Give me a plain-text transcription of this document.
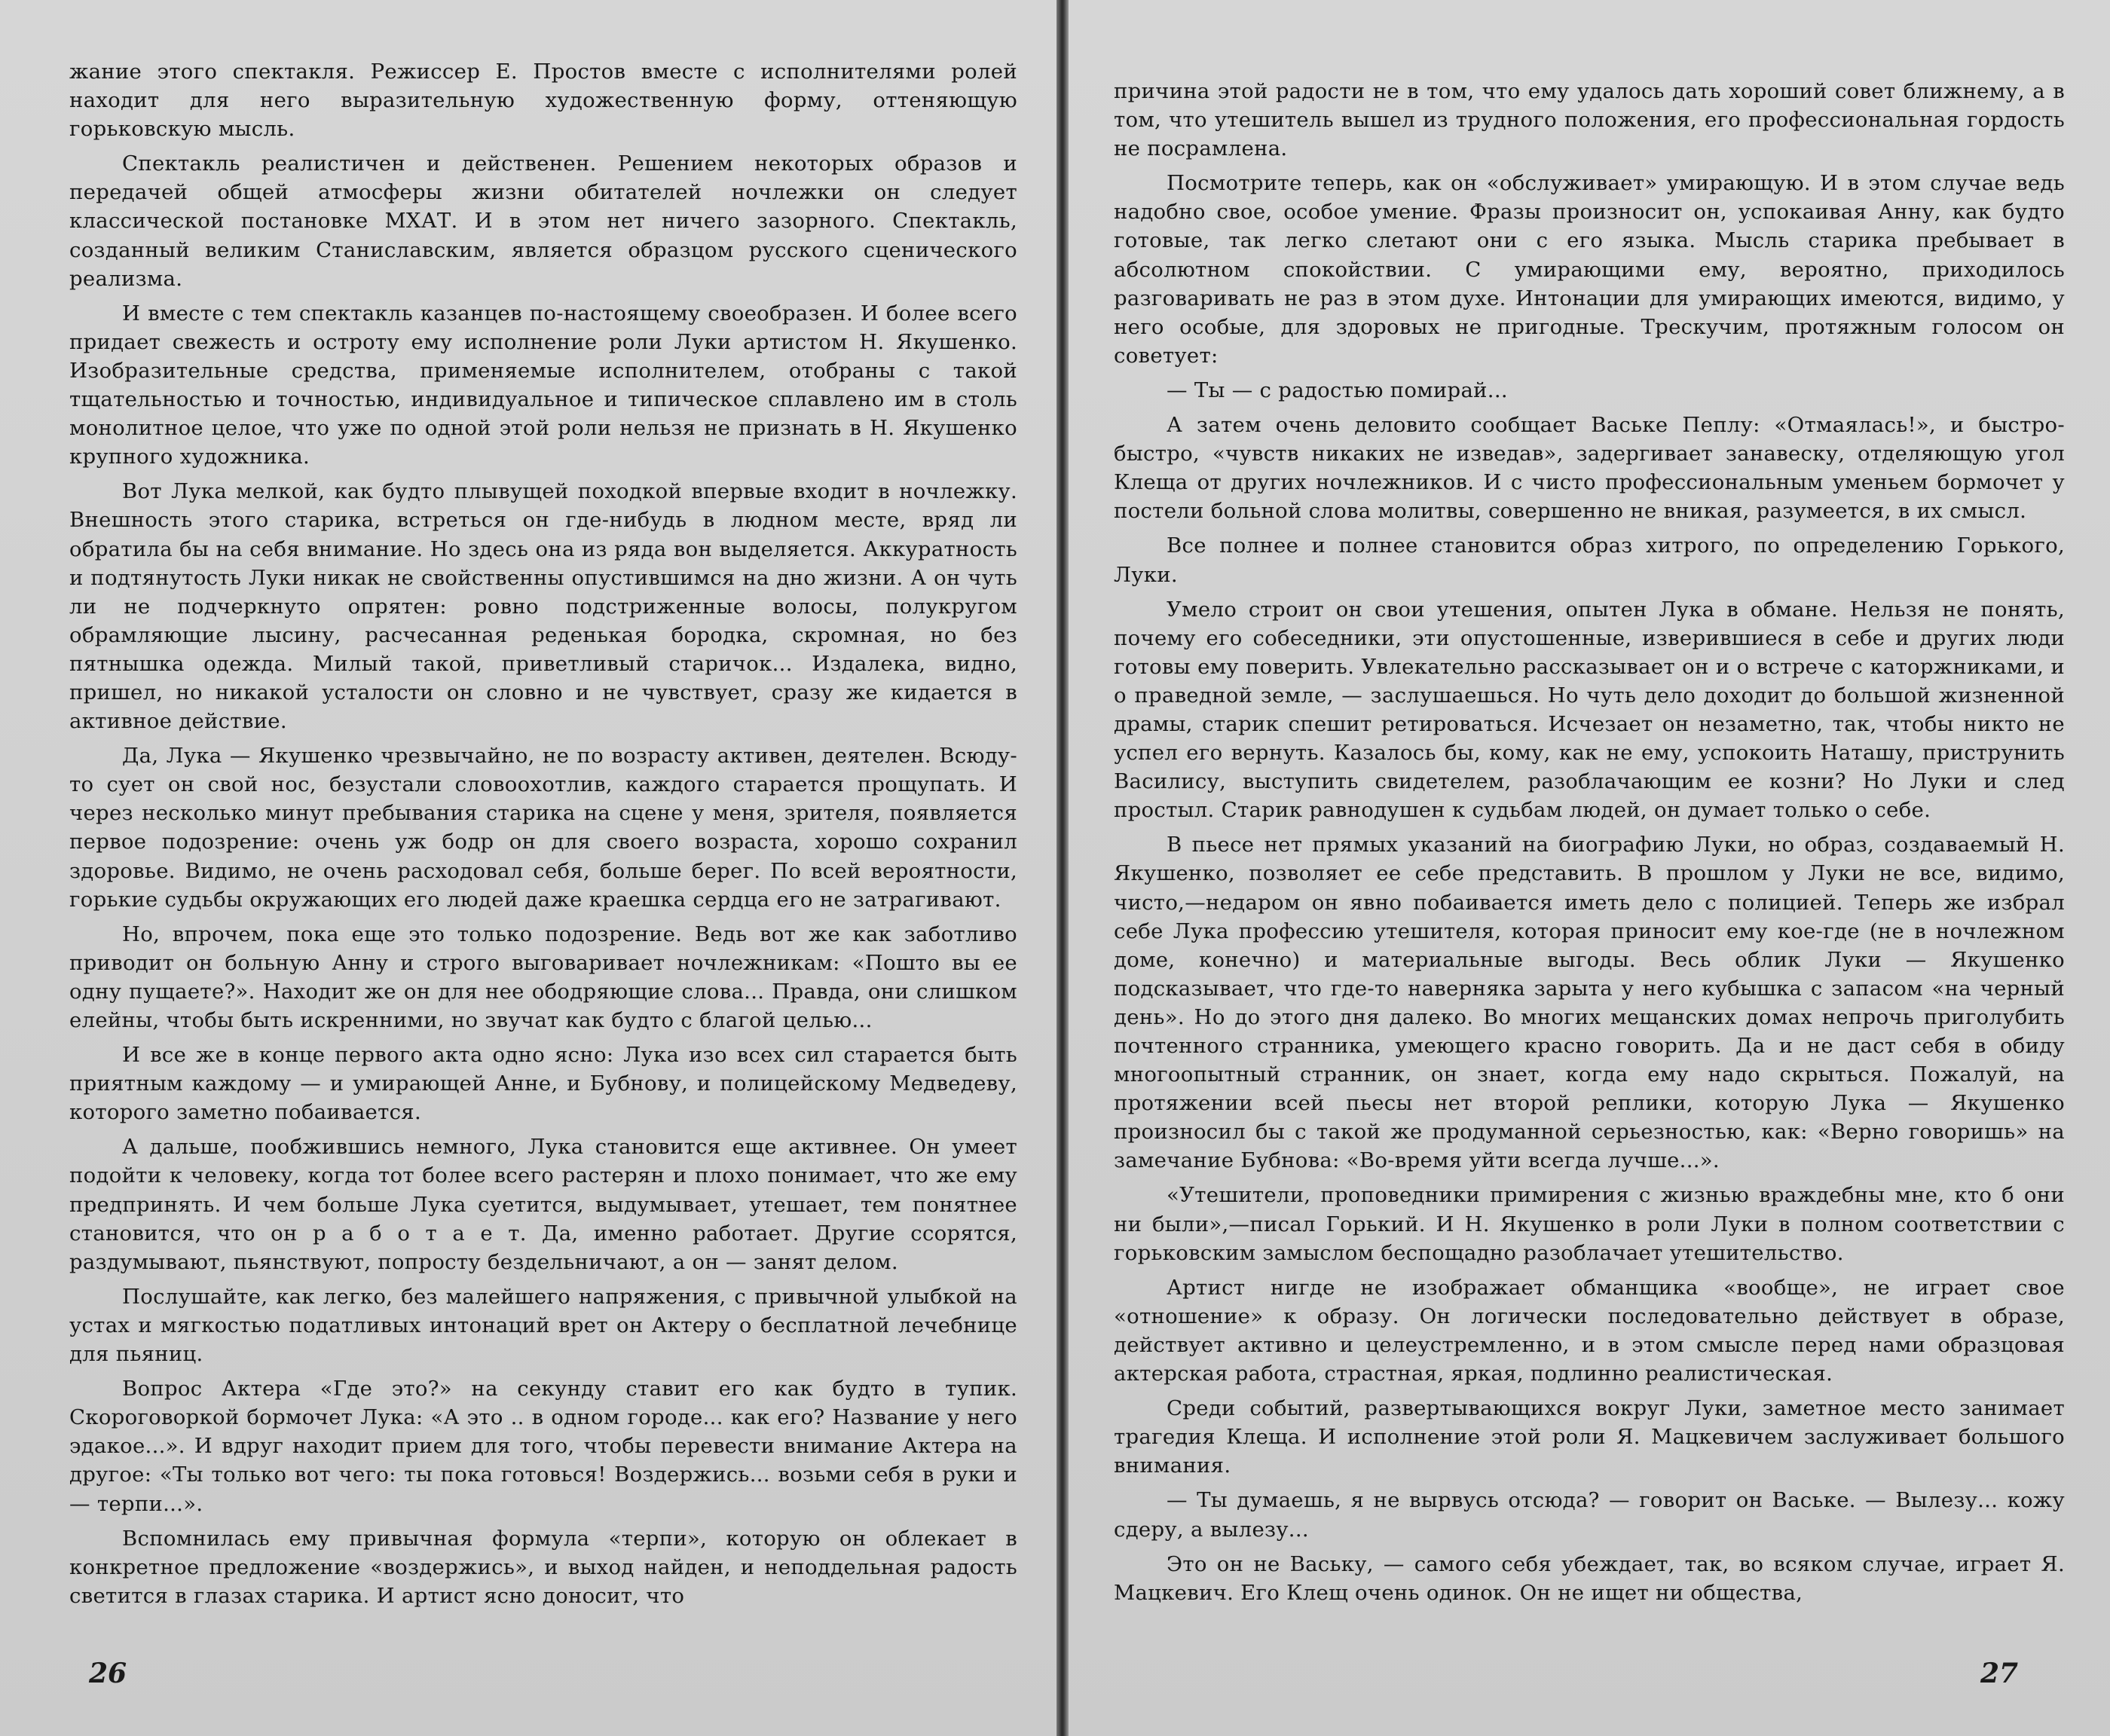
жание этого спектакля. Режиссер Е. Простов вместе с исполнителями ролей находит для него выразительную художественную форму, оттеняющую горьковскую мысль.

Спектакль реалистичен и действенен. Решением некоторых образов и передачей общей атмосферы жизни обитателей ночлежки он следует классической постановке МХАТ. И в этом нет ничего зазорного. Спектакль, созданный великим Станиславским, является образцом русского сценического реализма.

И вместе с тем спектакль казанцев по-настоящему своеобразен. И более всего придает свежесть и остроту ему исполнение роли Луки артистом Н. Якушенко. Изобразительные средства, применяемые исполнителем, отобраны с такой тщательностью и точностью, индивидуальное и типическое сплавлено им в столь монолитное целое, что уже по одной этой роли нельзя не признать в Н. Якушенко крупного художника.

Вот Лука мелкой, как будто плывущей походкой впервые входит в ночлежку. Внешность этого старика, встреться он где-нибудь в людном месте, вряд ли обратила бы на себя внимание. Но здесь она из ряда вон выделяется. Аккуратность и подтянутость Луки никак не свойственны опустившимся на дно жизни. А он чуть ли не подчеркнуто опрятен: ровно подстриженные волосы, полукругом обрамляющие лысину, расчесанная реденькая бородка, скромная, но без пятнышка одежда. Милый такой, приветливый старичок... Издалека, видно, пришел, но никакой усталости он словно и не чувствует, сразу же кидается в активное действие.

Да, Лука — Якушенко чрезвычайно, не по возрасту активен, деятелен. Всюду-то сует он свой нос, безустали словоохотлив, каждого старается прощупать. И через несколько минут пребывания старика на сцене у меня, зрителя, появляется первое подозрение: очень уж бодр он для своего возраста, хорошо сохранил здоровье. Видимо, не очень расходовал себя, больше берег. По всей вероятности, горькие судьбы окружающих его людей даже краешка сердца его не затрагивают.

Но, впрочем, пока еще это только подозрение. Ведь вот же как заботливо приводит он больную Анну и строго выговаривает ночлежникам: «Пошто вы ее одну пущаете?». Находит же он для нее ободряющие слова... Правда, они слишком елейны, чтобы быть искренними, но звучат как будто с благой целью...

И все же в конце первого акта одно ясно: Лука изо всех сил старается быть приятным каждому — и умирающей Анне, и Бубнову, и полицейскому Медведеву, которого заметно побаивается.

А дальше, пообжившись немного, Лука становится еще активнее. Он умеет подойти к человеку, когда тот более всего растерян и плохо понимает, что же ему предпринять. И чем больше Лука суетится, выдумывает, утешает, тем понятнее становится, что он р а б о т а е т. Да, именно работает. Другие ссорятся, раздумывают, пьянствуют, попросту бездельничают, а он — занят делом.

Послушайте, как легко, без малейшего напряжения, с привычной улыбкой на устах и мягкостью податливых интонаций врет он Актеру о бесплатной лечебнице для пьяниц.

Вопрос Актера «Где это?» на секунду ставит его как будто в тупик. Скороговоркой бормочет Лука: «А это .. в одном городе... как его? Название у него эдакое...». И вдруг находит прием для того, чтобы перевести внимание Актера на другое: «Ты только вот чего: ты пока готовься! Воздержись... возьми себя в руки и — терпи...».

Вспомнилась ему привычная формула «терпи», которую он облекает в конкретное предложение «воздержись», и выход найден, и неподдельная радость светится в глазах старика. И артист ясно доносит, что

26

причина этой радости не в том, что ему удалось дать хороший совет ближнему, а в том, что утешитель вышел из трудного положения, его профессиональная гордость не посрамлена.

Посмотрите теперь, как он «обслуживает» умирающую. И в этом случае ведь надобно свое, особое умение. Фразы произносит он, успокаивая Анну, как будто готовые, так легко слетают они с его языка. Мысль старика пребывает в абсолютном спокойствии. С умирающими ему, вероятно, приходилось разговаривать не раз в этом духе. Интонации для умирающих имеются, видимо, у него особые, для здоровых не пригодные. Трескучим, протяжным голосом он советует:

— Ты — с радостью помирай...

А затем очень деловито сообщает Ваське Пеплу: «Отмаялась!», и быстро-быстро, «чувств никаких не изведав», задергивает занавеску, отделяющую угол Клеща от других ночлежников. И с чисто профессиональным уменьем бормочет у постели больной слова молитвы, совершенно не вникая, разумеется, в их смысл.

Все полнее и полнее становится образ хитрого, по определению Горького, Луки.

Умело строит он свои утешения, опытен Лука в обмане. Нельзя не понять, почему его собеседники, эти опустошенные, изверившиеся в себе и других люди готовы ему поверить. Увлекательно рассказывает он и о встрече с каторжниками, и о праведной земле, — заслушаешься. Но чуть дело доходит до большой жизненной драмы, старик спешит ретироваться. Исчезает он незаметно, так, чтобы никто не успел его вернуть. Казалось бы, кому, как не ему, успокоить Наташу, приструнить Василису, выступить свидетелем, разоблачающим ее козни? Но Луки и след простыл. Старик равнодушен к судьбам людей, он думает только о себе.

В пьесе нет прямых указаний на биографию Луки, но образ, создаваемый Н. Якушенко, позволяет ее себе представить. В прошлом у Луки не все, видимо, чисто,—недаром он явно побаивается иметь дело с полицией. Теперь же избрал себе Лука профессию утешителя, которая приносит ему кое-где (не в ночлежном доме, конечно) и материальные выгоды. Весь облик Луки — Якушенко подсказывает, что где-то наверняка зарыта у него кубышка с запасом «на черный день». Но до этого дня далеко. Во многих мещанских домах непрочь приголубить почтенного странника, умеющего красно говорить. Да и не даст себя в обиду многоопытный странник, он знает, когда ему надо скрыться. Пожалуй, на протяжении всей пьесы нет второй реплики, которую Лука — Якушенко произносил бы с такой же продуманной серьезностью, как: «Верно говоришь» на замечание Бубнова: «Во-время уйти всегда лучше...».

«Утешители, проповедники примирения с жизнью враждебны мне, кто б они ни были»,—писал Горький. И Н. Якушенко в роли Луки в полном соответствии с горьковским замыслом беспощадно разоблачает утешительство.

Артист нигде не изображает обманщика «вообще», не играет свое «отношение» к образу. Он логически последовательно действует в образе, действует активно и целеустремленно, и в этом смысле перед нами образцовая актерская работа, страстная, яркая, подлинно реалистическая.

Среди событий, развертывающихся вокруг Луки, заметное место занимает трагедия Клеща. И исполнение этой роли Я. Мацкевичем заслуживает большого внимания.

— Ты думаешь, я не вырвусь отсюда? — говорит он Ваське. — Вылезу... кожу сдеру, а вылезу...

Это он не Ваську, — самого себя убеждает, так, во всяком случае, играет Я. Мацкевич. Его Клещ очень одинок. Он не ищет ни общества,

27
